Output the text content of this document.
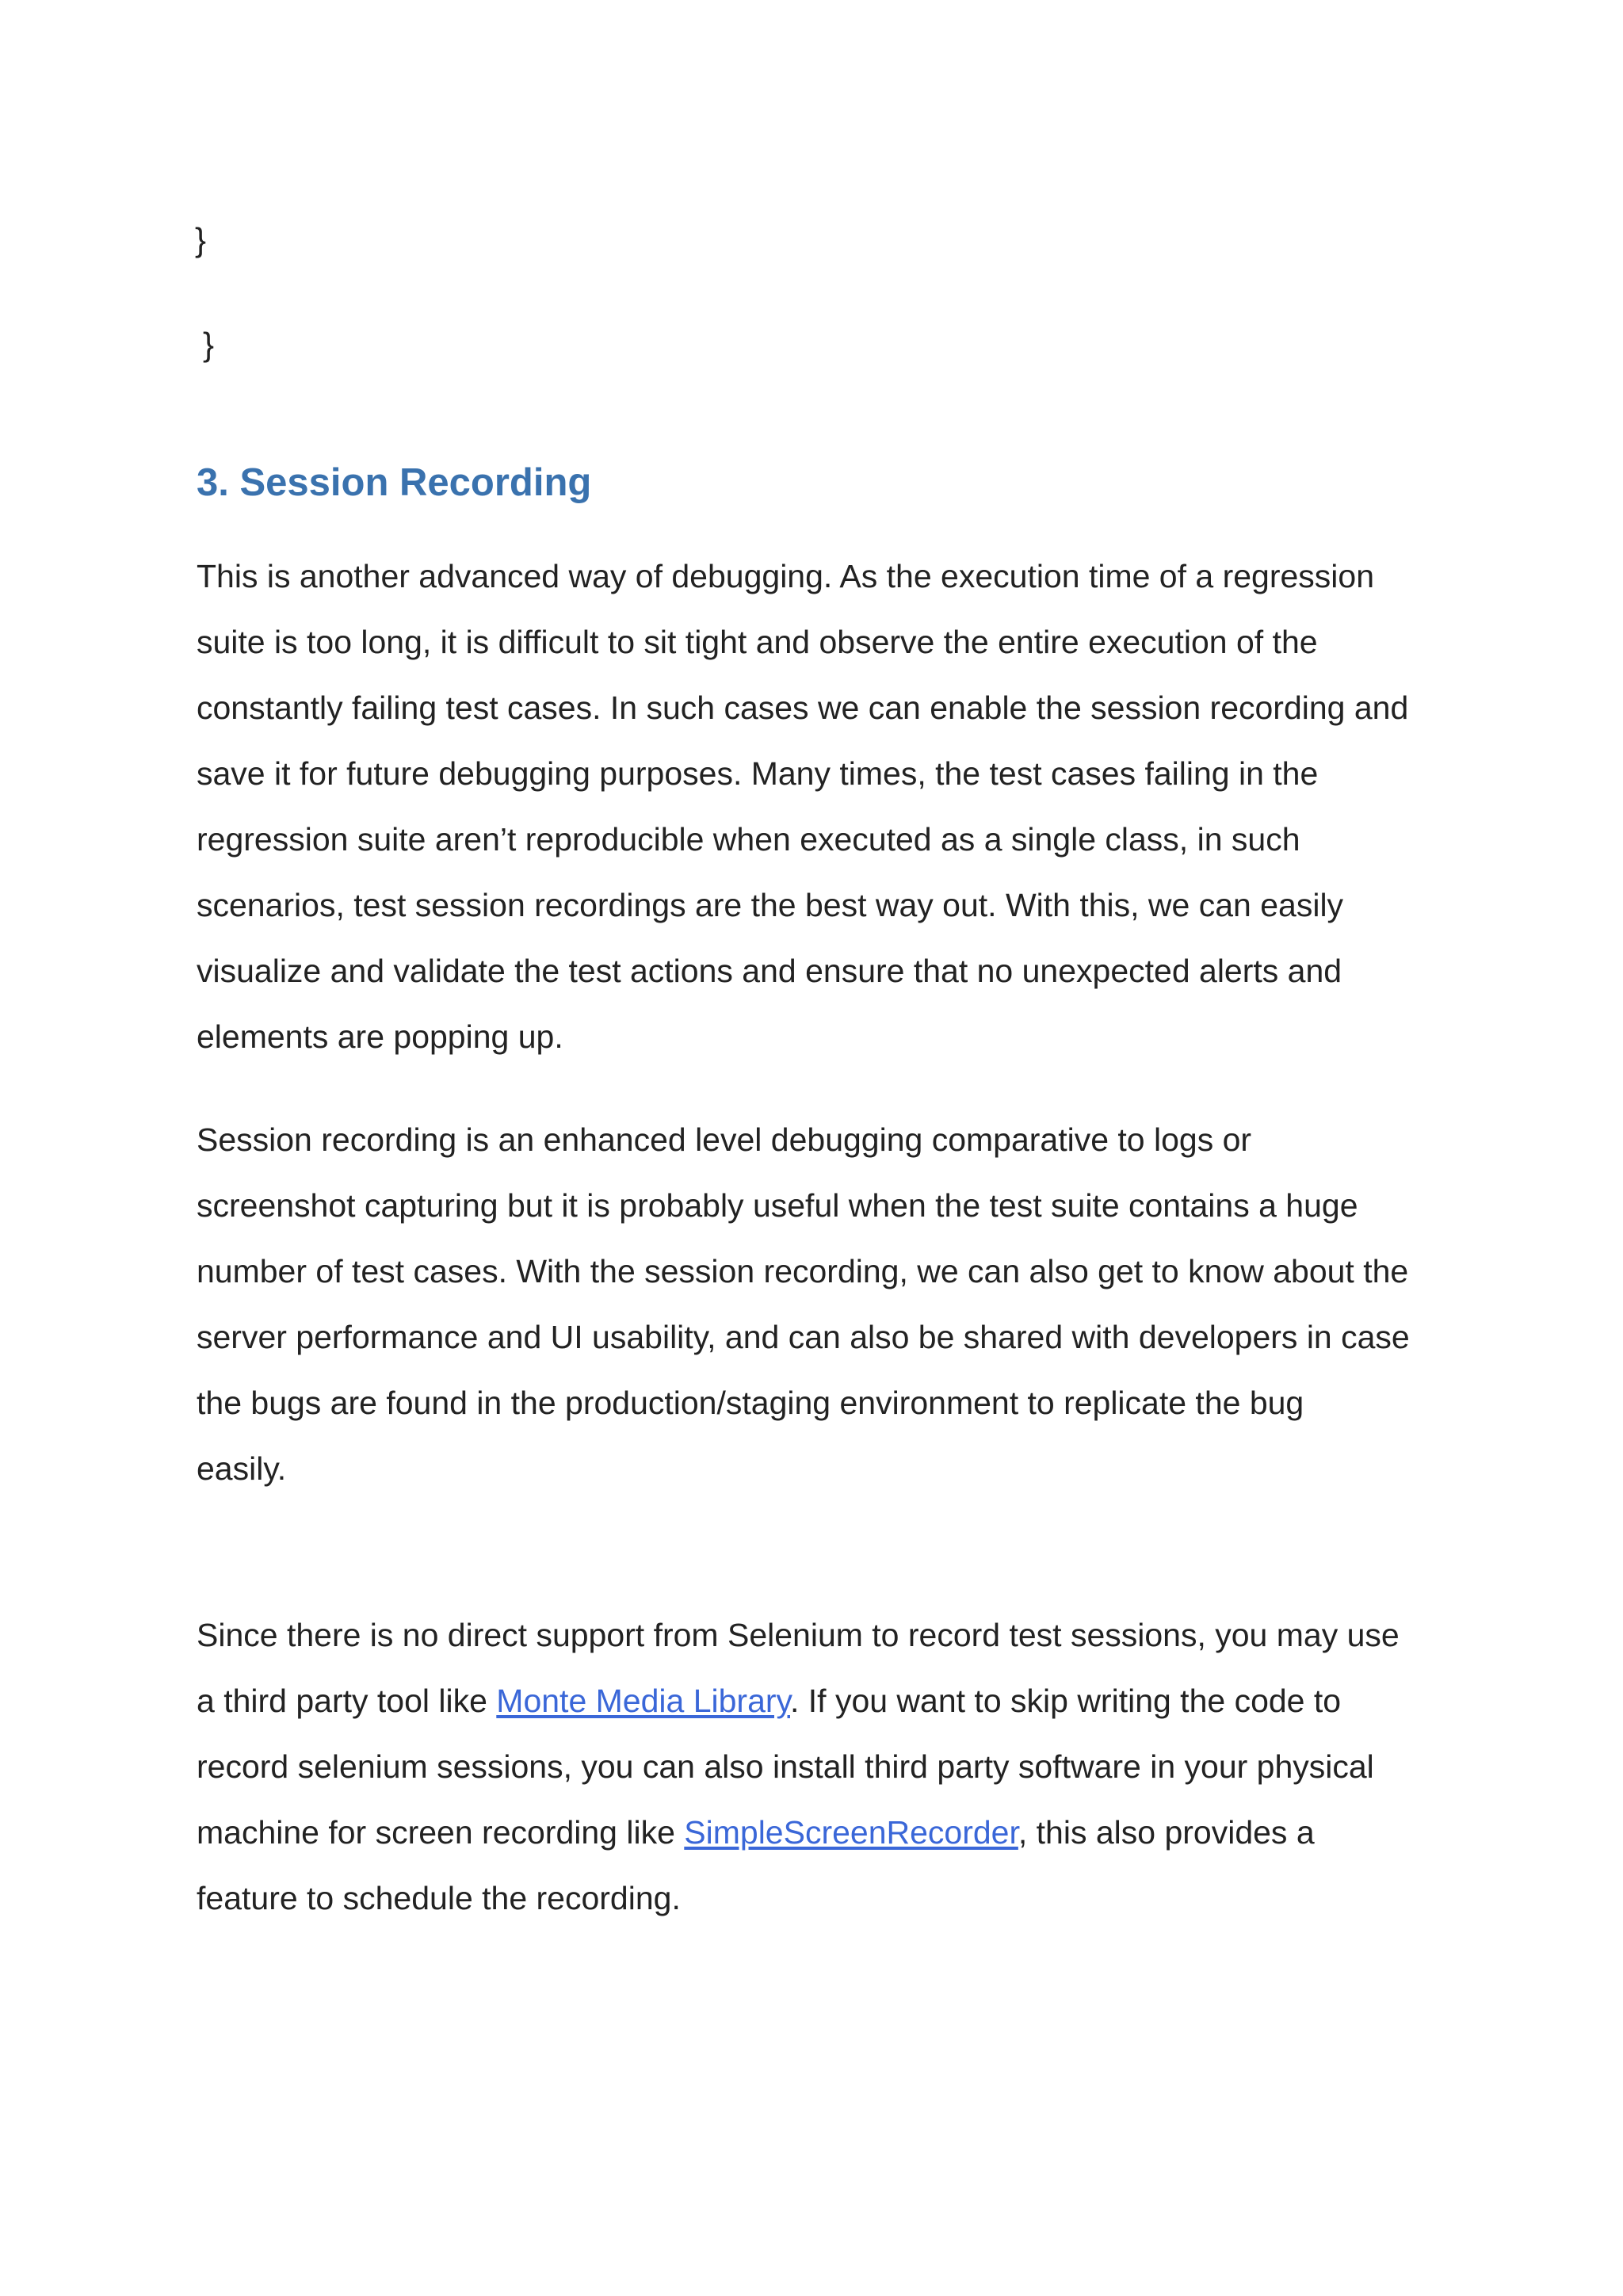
}
}
3. Session Recording

This is another advanced way of debugging. As the execution time of a regression
suite is too long, it is difficult to sit tight and observe the entire execution of the
constantly failing test cases. In such cases we can enable the session recording and
save it for future debugging purposes. Many times, the test cases failing in the
regression suite aren’t reproducible when executed as a single class, in such
scenarios, test session recordings are the best way out. With this, we can easily
visualize and validate the test actions and ensure that no unexpected alerts and
elements are popping up.

Session recording is an enhanced level debugging comparative to logs or
screenshot capturing but it is probably useful when the test suite contains a huge
number of test cases. With the session recording, we can also get to know about the
server performance and UI usability, and can also be shared with developers in case
the bugs are found in the production/staging environment to replicate the bug
easily.

Since there is no direct support from Selenium to record test sessions, you may use
a third party tool like Monte Media Library. If you want to skip writing the code to
record selenium sessions, you can also install third party software in your physical
machine for screen recording like SimpleScreenRecorder, this also provides a
feature to schedule the recording.
